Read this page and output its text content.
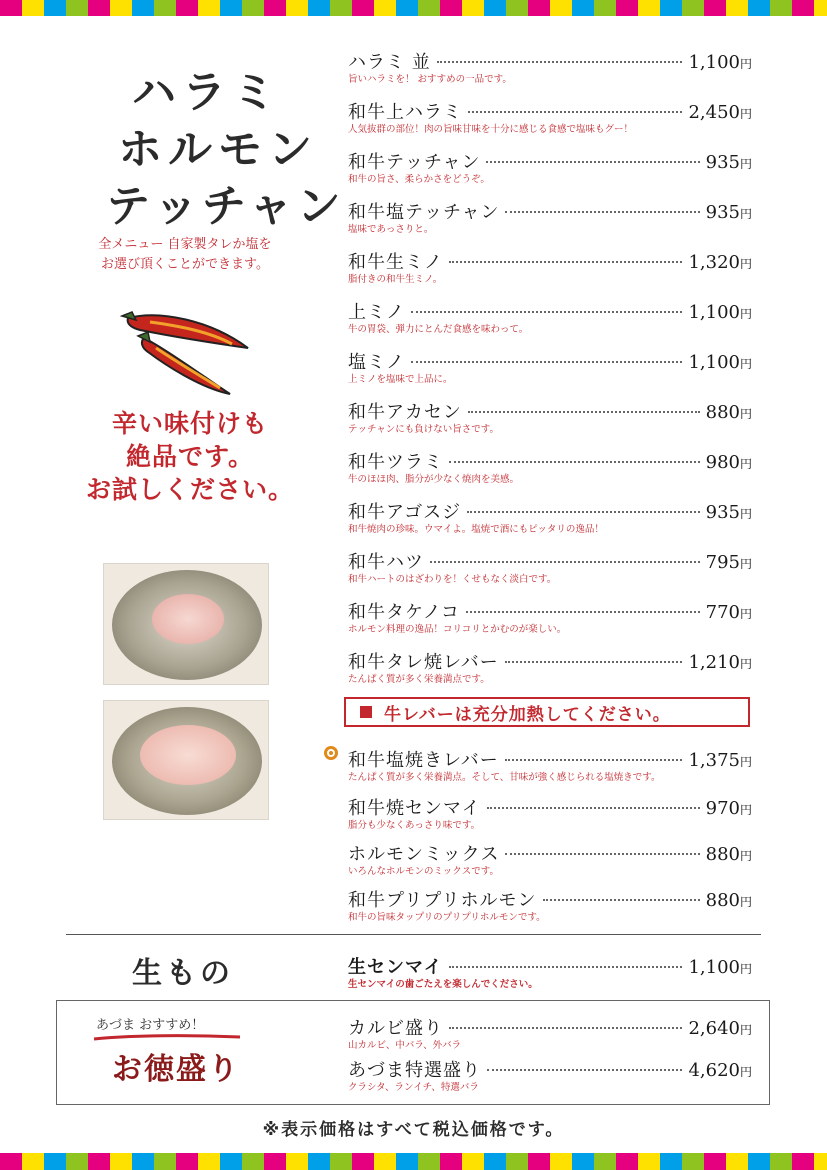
ハラミ
ホルモン
テッチャン
全メニュー 自家製タレか塩を
お選び頂くことができます。
辛い味付けも
絶品です。
お試しください。
ハラミ 並	1,100円
旨いハラミを！ おすすめの一品です。
和牛上ハラミ	2,450円
人気抜群の部位！肉の旨味甘味を十分に感じる食感で塩味もグー！
和牛テッチャン	935円
和牛の旨さ、柔らかさをどうぞ。
和牛塩テッチャン	935円
塩味であっさりと。
和牛生ミノ	1,320円
脂付きの和牛生ミノ。
上ミノ	1,100円
牛の胃袋、弾力にとんだ食感を味わって。
塩ミノ	1,100円
上ミノを塩味で上品に。
和牛アカセン	880円
テッチャンにも負けない旨さです。
和牛ツラミ	980円
牛のほほ肉、脂分が少なく焼肉を美感。
和牛アゴスジ	935円
和牛焼肉の珍味。ウマイよ。塩焼で酒にもピッタリの逸品！
和牛ハツ	795円
和牛ハートのはざわりを！くせもなく淡白です。
和牛タケノコ	770円
ホルモン料理の逸品！コリコリとかむのが楽しい。
和牛タレ焼レバー	1,210円
たんぱく質が多く栄養満点です。
和牛塩焼きレバー	1,375円
たんぱく質が多く栄養満点。そして、甘味が強く感じられる塩焼きです。
和牛焼センマイ	970円
脂分も少なくあっさり味です。
ホルモンミックス	880円
いろんなホルモンのミックスです。
和牛プリプリホルモン	880円
和牛の旨味タップリのプリプリホルモンです。
牛レバーは充分加熱してください。
生もの	生センマイ	1,100円
生センマイの歯ごたえを楽しんでください。
あづま おすすめ！
お徳盛り
カルビ盛り	2,640円
山カルビ、中バラ、外バラ
あづま特選盛り	4,620円
クラシタ、ランイチ、特選バラ
※表示価格はすべて税込価格です。
